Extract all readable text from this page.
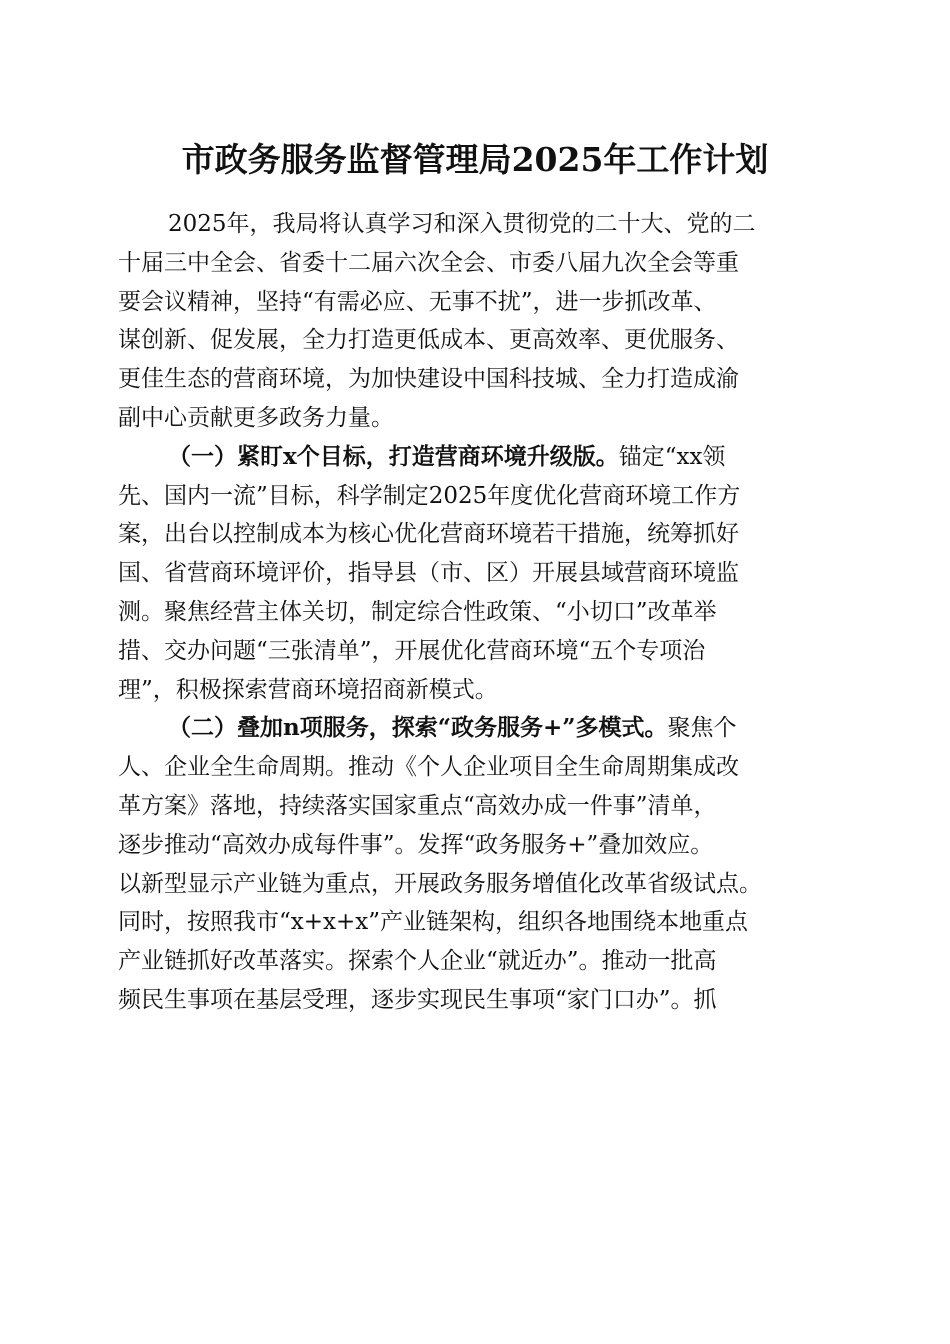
市政务服务监督管理局2025年工作计划
2025年，我局将认真学习和深入贯彻党的二十大、党的二
十届三中全会、省委十二届六次全会、市委八届九次全会等重
要会议精神，坚持“有需必应、无事不扰”，进一步抓改革、
谋创新、促发展，全力打造更低成本、更高效率、更优服务、
更佳生态的营商环境，为加快建设中国科技城、全力打造成渝
副中心贡献更多政务力量。
（一）紧盯x个目标，打造营商环境升级版。锚定“xx领
先、国内一流”目标，科学制定2025年度优化营商环境工作方
案，出台以控制成本为核心优化营商环境若干措施，统筹抓好
国、省营商环境评价，指导县（市、区）开展县域营商环境监
测。聚焦经营主体关切，制定综合性政策、“小切口”改革举
措、交办问题“三张清单”，开展优化营商环境“五个专项治
理”，积极探索营商环境招商新模式。
（二）叠加n项服务，探索“政务服务+”多模式。聚焦个
人、企业全生命周期。推动《个人企业项目全生命周期集成改
革方案》落地，持续落实国家重点“高效办成一件事”清单，
逐步推动“高效办成每件事”。发挥“政务服务+”叠加效应。
以新型显示产业链为重点，开展政务服务增值化改革省级试点。
同时，按照我市“x+x+x”产业链架构，组织各地围绕本地重点
产业链抓好改革落实。探索个人企业“就近办”。推动一批高
频民生事项在基层受理，逐步实现民生事项“家门口办”。抓
